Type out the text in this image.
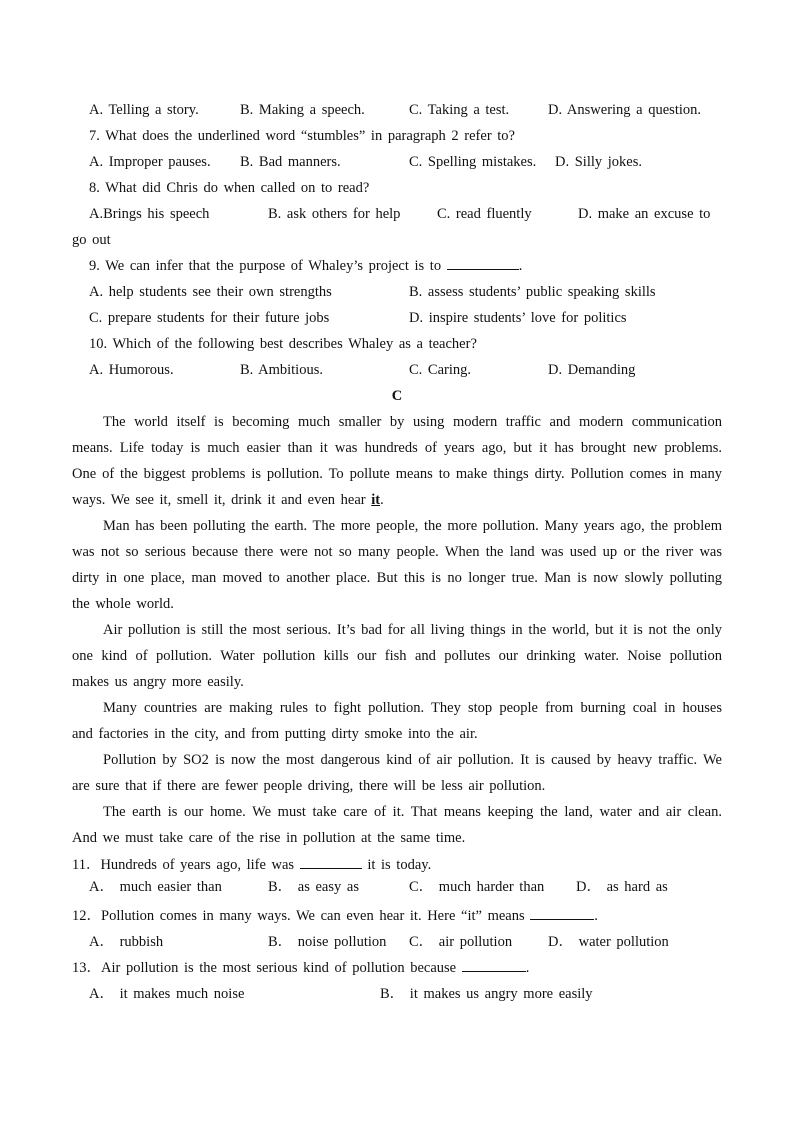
A. Telling a story.	B. Making a speech.	C. Taking a test.	D. Answering a question.
7. What does the underlined word “stumbles” in paragraph 2 refer to?
A. Improper pauses. B. Bad manners.	C. Spelling mistakes. D. Silly jokes.
8. What did Chris do when called on to read?
A.Brings his speech	B. ask others for help	C. read fluently	D. make an excuse to
go out
9. We can infer that the purpose of Whaley’s project is to	.
A. help students see their own strengths	B. assess students’ public speaking skills
C. prepare students for their future jobs	D. inspire students’ love for politics
10. Which of the following best describes Whaley as a teacher?
A. Humorous.	B. Ambitious.	C. Caring.	D. Demanding
C
The world itself is becoming much smaller by using modern traffic and modern communication means. Life today is much easier than it was hundreds of years ago, but it has brought new problems. One of the biggest problems is pollution. To pollute means to make things dirty. Pollution comes in many ways. We see it, smell it, drink it and even hear it.
Man has been polluting the earth. The more people, the more pollution. Many years ago, the problem was not so serious because there were not so many people. When the land was used up or the river was dirty in one place, man moved to another place. But this is no longer true. Man is now slowly polluting the whole world.
Air pollution is still the most serious. It’s bad for all living things in the world, but it is not the only one kind of pollution. Water pollution kills our fish and pollutes our drinking water. Noise pollution makes us angry more easily.
Many countries are making rules to fight pollution. They stop people from burning coal in houses and factories in the city, and from putting dirty smoke into the air.
Pollution by SO2 is now the most dangerous kind of air pollution. It is caused by heavy traffic. We are sure that if there are fewer people driving, there will be less air pollution.
The earth is our home. We must take care of it. That means keeping the land, water and air clean. And we must take care of the rise in pollution at the same time.
11．Hundreds of years ago, life was	it is today.
A． much easier than	B． as easy as	C． much harder than D． as hard as
12．Pollution comes in many ways. We can even hear it. Here “it” means	.
A． rubbish	B． noise pollution C． air pollution D． water pollution
13．Air pollution is the most serious kind of pollution because	.
A． it makes much noise	B． it makes us angry more easily
